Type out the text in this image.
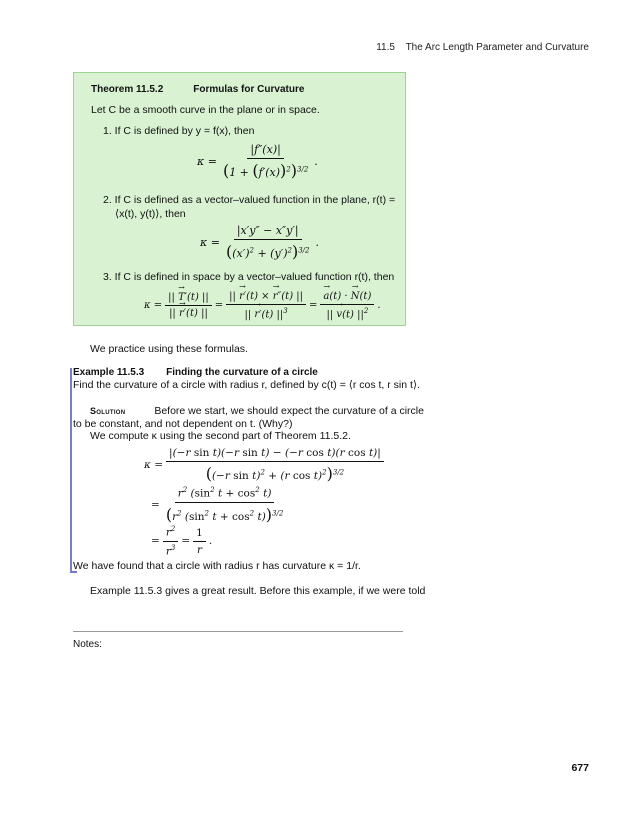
11.5 The Arc Length Parameter and Curvature
Theorem 11.5.2	Formulas for Curvature
Let C be a smooth curve in the plane or in space.
1. If C is defined by y = f(x), then
$\kappa = \frac{|f''(x)|}{(1 + (f'(x))^2)^{3/2}}$ .
2. If C is defined as a vector–valued function in the plane, r(t) =
⟨x(t), y(t)⟩, then
$\kappa = \frac{|x'y'' - x''y'|}{((x')^2 + (y')^2)^{3/2}}$ .
3. If C is defined in space by a vector–valued function r(t), then
$\kappa = \frac{|| \to T'(t) ||}{|| \to r'(t) ||} = \frac{|| \to r'(t) \times \to r''(t) ||}{|| \to r'(t) ||^3}$ = → $\frac{a(t) \cdot \to N(t)}{|| \to v(t) ||^2}$ .
We practice using these formulas.
Example 11.5.3 Finding the curvature of a circle
Find the curvature of a circle with radius r, defined by c(t) = ⟨r cos t, r sin t⟩.
Solution	Before we start, we should expect the curvature of a circle
to be constant, and not dependent on t. (Why?)
We compute κ using the second part of Theorem 11.5.2.
$\kappa = \frac{\text{|(−r sin t)(−r sin t) − (−r cos t)(r cos t)|}}{((-r \sin t)^2 + (r \cos t)^2)^{3/2}}$
= $\frac{r^2 (\sin^2 t + \cos^2 t)}{(r^2 (\sin^2 t + \cos^2 t))^{3/2}}$
= $\frac{r^2}{r^3} = \frac{1}{r}$ .
We have found that a circle with radius r has curvature κ = 1/r.
Example 11.5.3 gives a great result. Before this example, if we were told
Notes:
677
